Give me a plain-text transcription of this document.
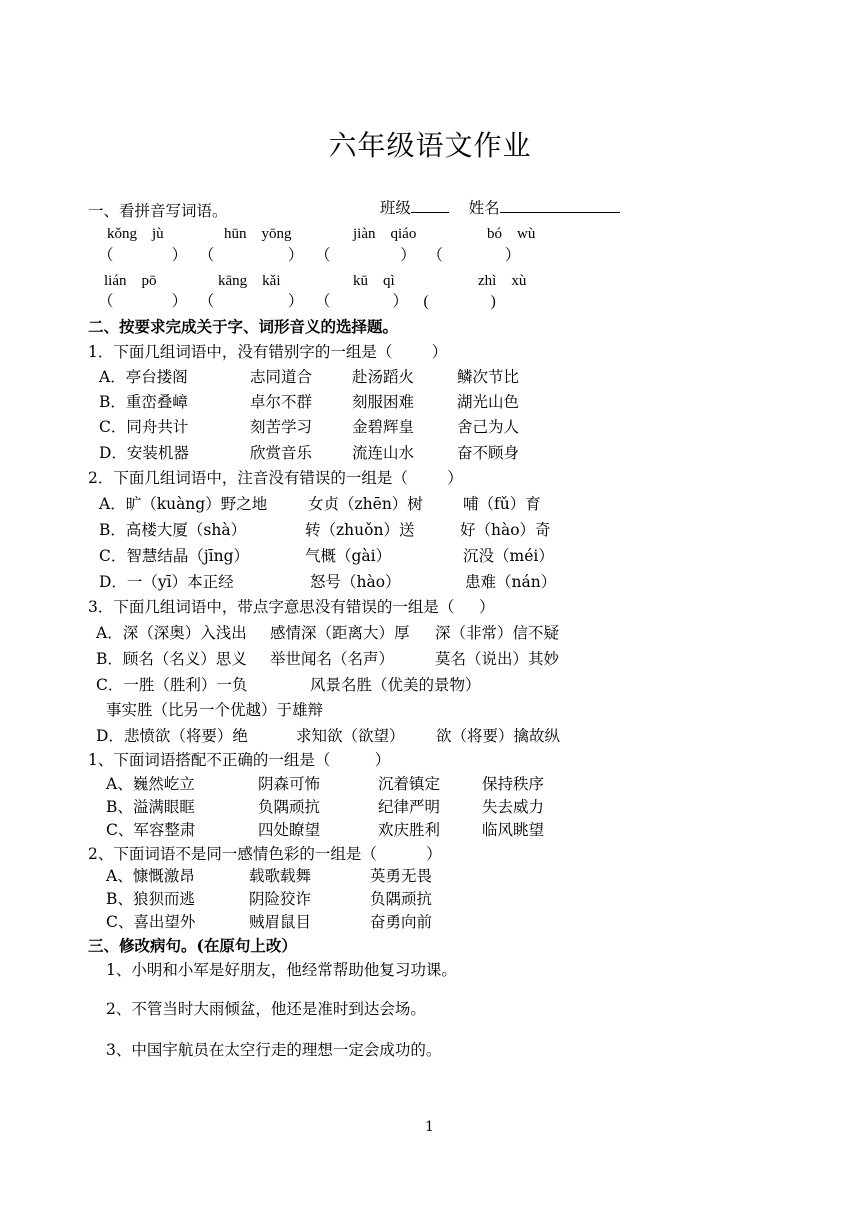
六年级语文作业

班级	姓名

一、看拼音写词语。
kǒng    jù	hūn    yōng	jiàn    qiáo	bó    wù
（               ）   （                   ）   （                  ）   （                ）
lián    pō	kāng    kǎi	kū    qì	zhì    xù
（               ）   （                   ）   （                ）    (                )
二、按要求完成关于字、词形音义的选择题。
1．下面几组词语中，没有错别字的一组是（        ）
A．亭台搂阁	志同道合	赴汤蹈火	鳞次节比
B．重峦叠嶂	卓尔不群	刻服困难	湖光山色
C．同舟共计	刻苦学习	金碧辉皇	舍己为人
D．安装机器	欣赏音乐	流连山水	奋不顾身
2．下面几组词语中，注音没有错误的一组是（        ）
A．旷（kuàng）野之地	女贞（zhēn）树	哺（fǔ）育
B．高楼大厦（shà）	转（zhuǒn）送	好（hào）奇
C．智慧结晶（jīng）	气概（gài）	沉没（méi）
D．一（yī）本正经	怒号（hào）	患难（nán）
3．下面几组词语中，带点字意思没有错误的一组是（     ）
A．深（深奥）入浅出 感情深（距离大）厚 深（非常）信不疑
B．顾名（名义）思义 举世闻名（名声）	莫名（说出）其妙
C．一胜（胜利）一负	风景名胜（优美的景物）
事实胜（比另一个优越）于雄辩
D．悲愤欲（将要）绝	求知欲（欲望） 欲（将要）擒故纵
1、下面词语搭配不正确的一组是（         ）
A、巍然屹立	阴森可怖	沉着镇定	保持秩序
B、溢满眼眶	负隅顽抗	纪律严明	失去威力
C、军容整肃	四处瞭望	欢庆胜利	临风眺望
2、下面词语不是同一感情色彩的一组是（          ）
A、慷慨激昂	载歌载舞	英勇无畏
B、狼狈而逃	阴险狡诈	负隅顽抗
C、喜出望外	贼眉鼠目	奋勇向前
三、修改病句。(在原句上改）
1、小明和小军是好朋友，他经常帮助他复习功课。
2、不管当时大雨倾盆，他还是准时到达会场。
3、中国宇航员在太空行走的理想一定会成功的。
1
